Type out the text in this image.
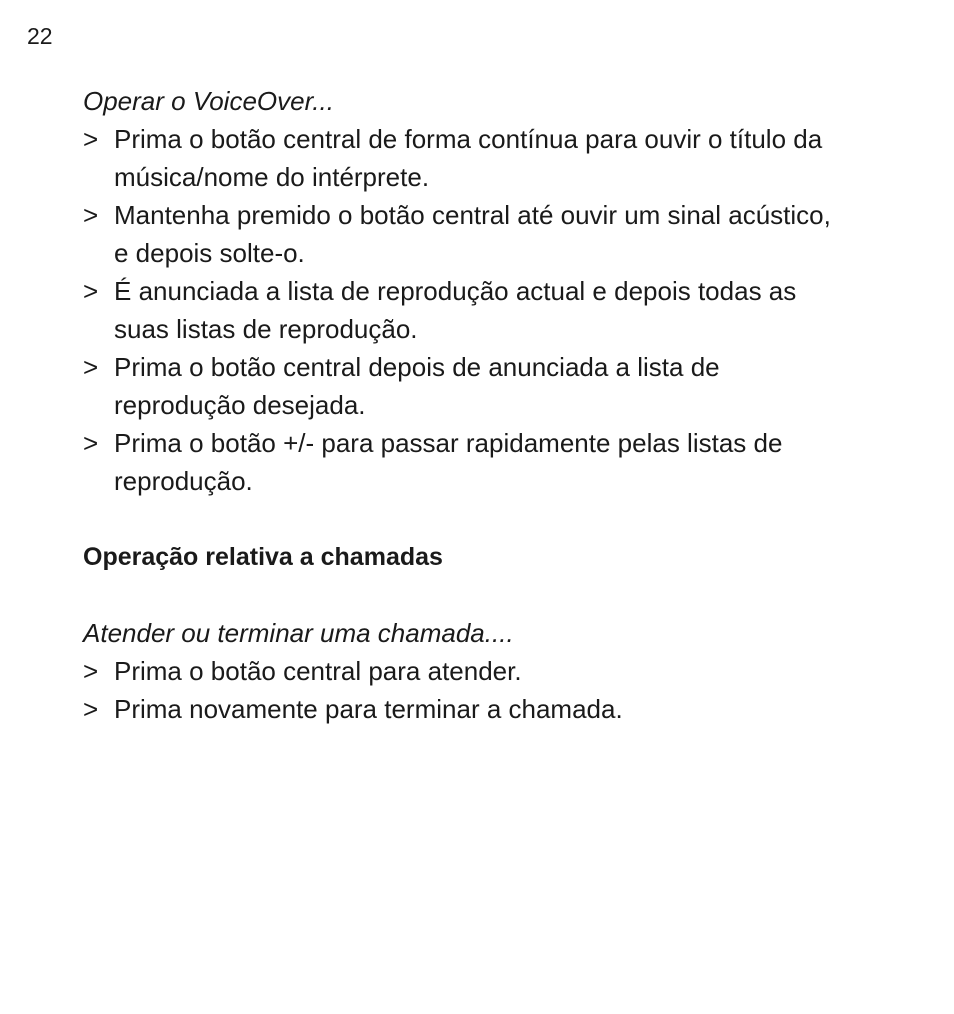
22

Operar o VoiceOver...

> Prima o botão central de forma contínua para ouvir o título da música/nome do intérprete.
> Mantenha premido o botão central até ouvir um sinal acústico, e depois solte-o.
> É anunciada a lista de reprodução actual e depois todas as suas listas de reprodução.
> Prima o botão central depois de anunciada a lista de reprodução desejada.
> Prima o botão +/- para passar rapidamente pelas listas de reprodução.
Operação relativa a chamadas

Atender ou terminar uma chamada....

> Prima o botão central para atender.
> Prima novamente para terminar a chamada.
